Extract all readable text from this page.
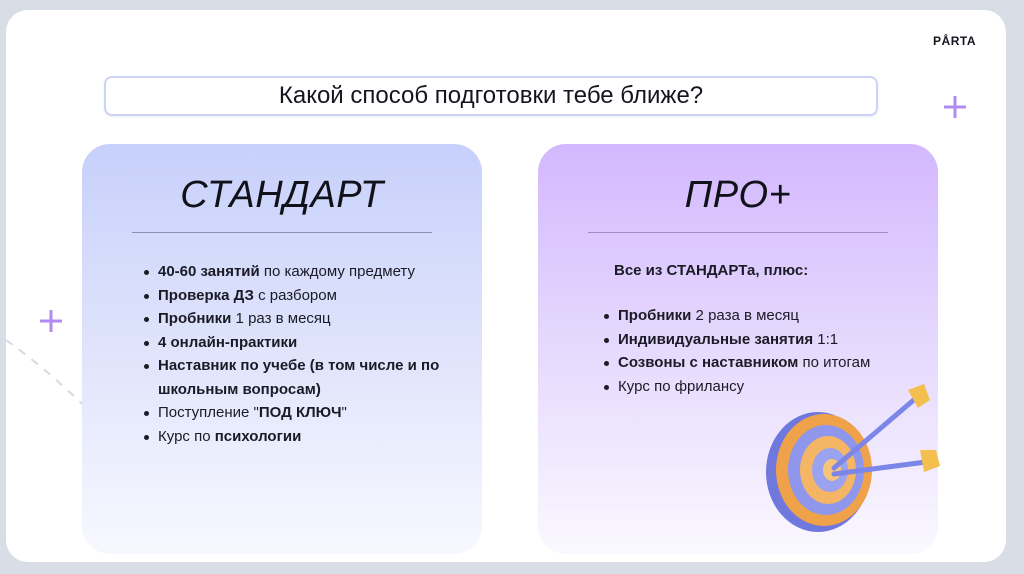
PÅRTA
Какой способ подготовки тебе ближе?
СТАНДАРТ
40-60 занятий по каждому предмету
Проверка ДЗ с разбором
Пробники 1 раз в месяц
4 онлайн-практики
Наставник по учебе (в том числе и по школьным вопросам)
Поступление "ПОД КЛЮЧ"
Курс по психологии
ПРО+
Все из СТАНДАРТа, плюс:
Пробники 2 раза в месяц
Индивидуальные занятия 1:1
Созвоны с наставником по итогам
Курс по фрилансу
